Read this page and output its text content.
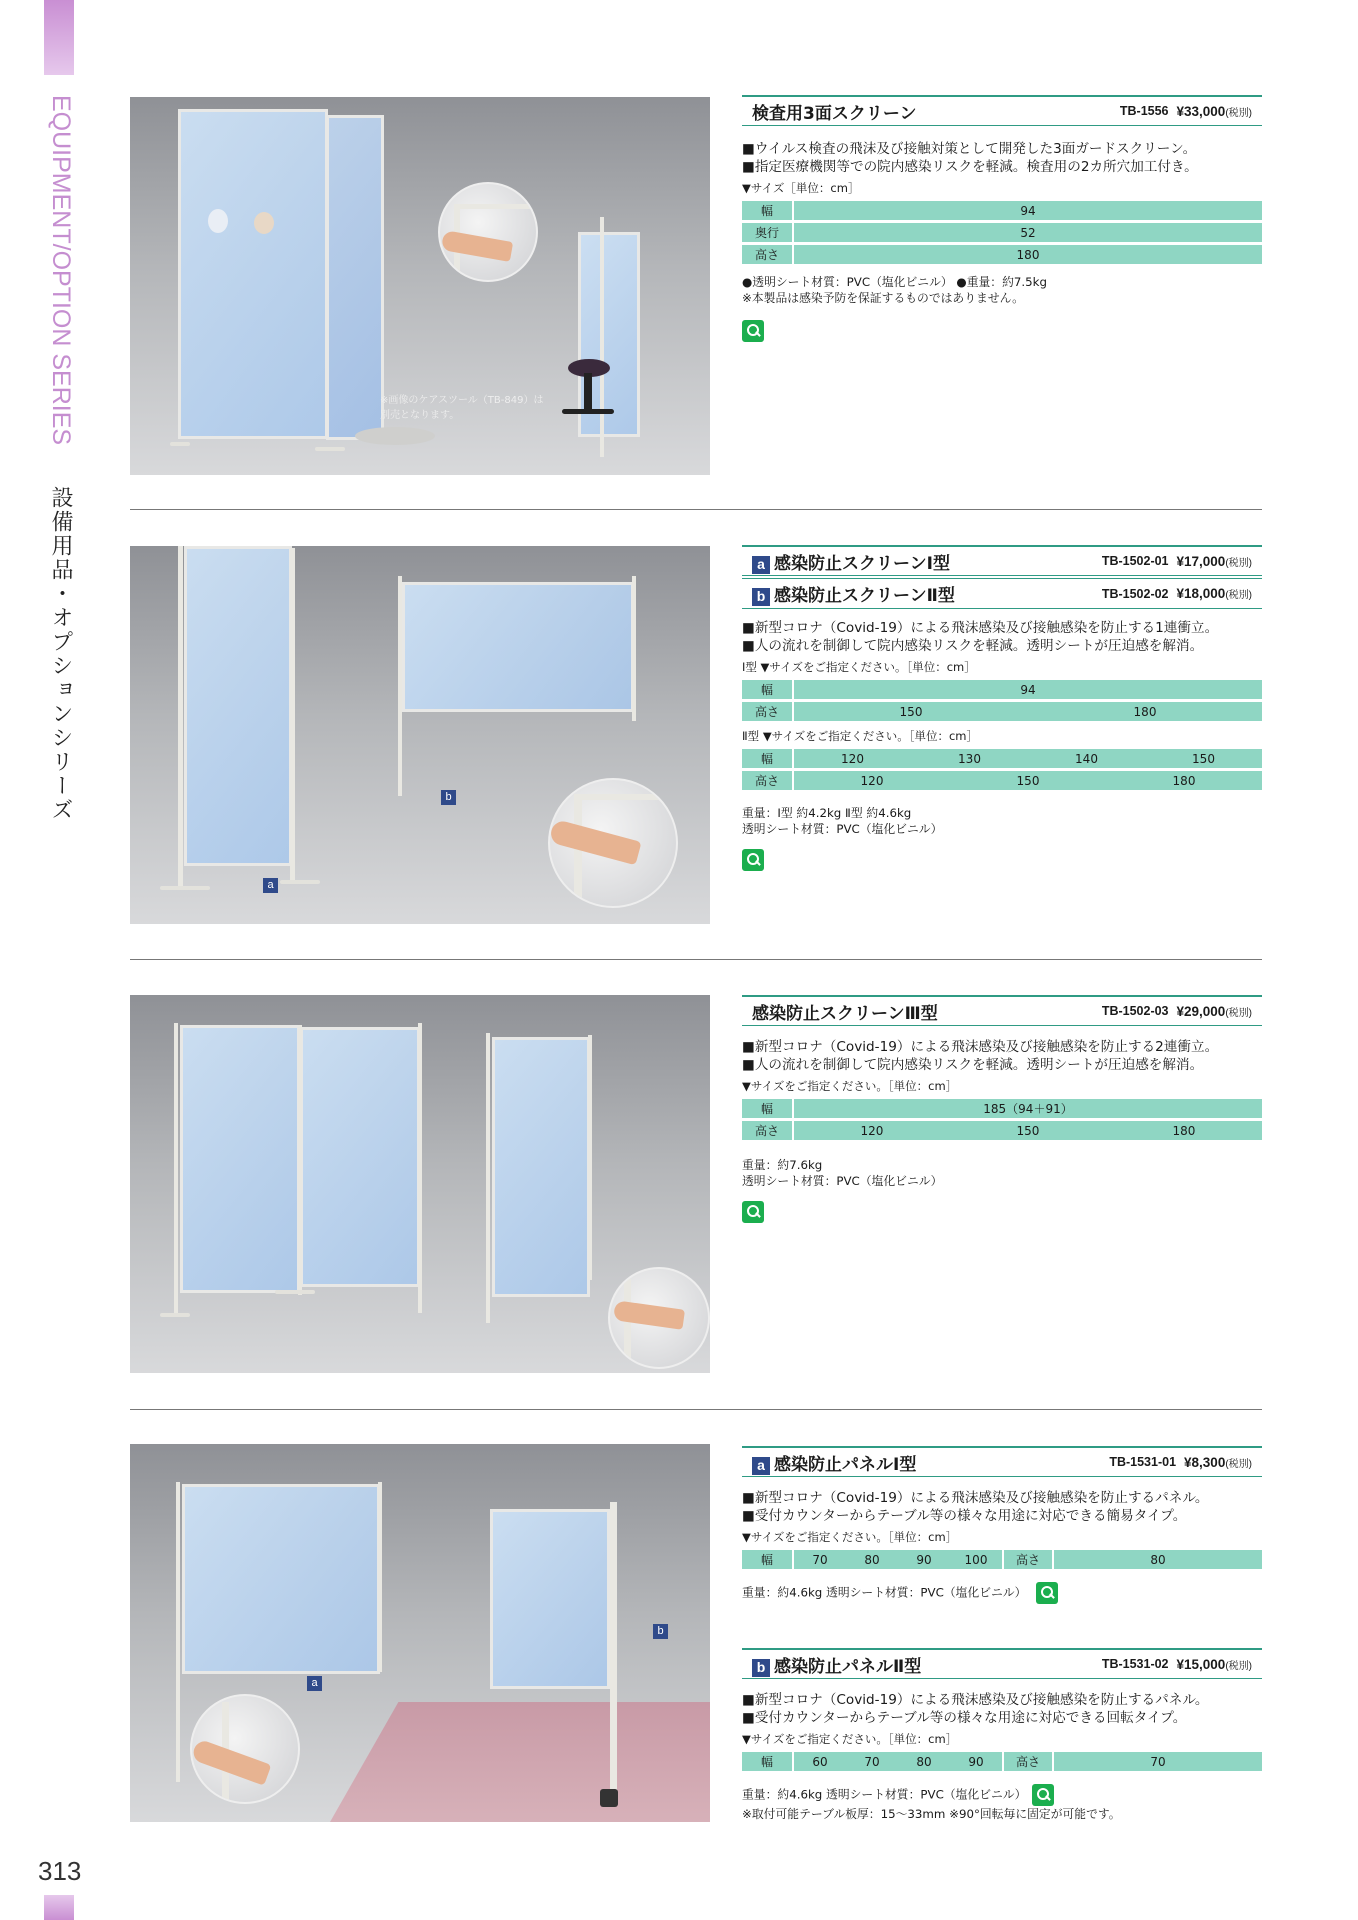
EQUIPMENT/OPTION SERIES
設備用品・オプションシリーズ
313
※画像のケアスツール（TB-849）は
別売となります。
検査用3面スクリーン	TB-1556 ¥33,000(税別)
■ウイルス検査の飛沫及び接触対策として開発した3面ガードスクリーン。
■指定医療機関等での院内感染リスクを軽減。検査用の2カ所穴加工付き。
▼サイズ［単位：cm］
幅	94
奥行	52
高さ	180
●透明シート材質：PVC（塩化ビニル） ●重量：約7.5kg
※本製品は感染予防を保証するものではありません。
a
b
a 感染防止スクリーンⅠ型	TB-1502-01 ¥17,000(税別)
b 感染防止スクリーンⅡ型	TB-1502-02 ¥18,000(税別)
■新型コロナ（Covid-19）による飛沫感染及び接触感染を防止する1連衝立。
■人の流れを制御して院内感染リスクを軽減。透明シートが圧迫感を解消。
Ⅰ型 ▼サイズをご指定ください。［単位：cm］
幅	94	
高さ	150	180
Ⅱ型 ▼サイズをご指定ください。［単位：cm］
幅	120	130	140	150
高さ	120	150	180
重量：Ⅰ型 約4.2kg Ⅱ型 約4.6kg
透明シート材質：PVC（塩化ビニル）
感染防止スクリーンⅢ型	TB-1502-03 ¥29,000(税別)
■新型コロナ（Covid-19）による飛沫感染及び接触感染を防止する2連衝立。
■人の流れを制御して院内感染リスクを軽減。透明シートが圧迫感を解消。
▼サイズをご指定ください。［単位：cm］
幅	185（94＋91）		
高さ	120	150	180
重量：約7.6kg
透明シート材質：PVC（塩化ビニル）
a
b
a 感染防止パネルⅠ型	TB-1531-01 ¥8,300(税別)
■新型コロナ（Covid-19）による飛沫感染及び接触感染を防止するパネル。
■受付カウンターからテーブル等の様々な用途に対応できる簡易タイプ。
▼サイズをご指定ください。［単位：cm］
幅	70	80	90	100	高さ	80
重量：約4.6kg 透明シート材質：PVC（塩化ビニル）
b 感染防止パネルⅡ型	TB-1531-02 ¥15,000(税別)
■新型コロナ（Covid-19）による飛沫感染及び接触感染を防止するパネル。
■受付カウンターからテーブル等の様々な用途に対応できる回転タイプ。
▼サイズをご指定ください。［単位：cm］
幅	60	70	80	90	高さ	70
重量：約4.6kg 透明シート材質：PVC（塩化ビニル）
※取付可能テーブル板厚：15～33mm ※90°回転毎に固定が可能です。
